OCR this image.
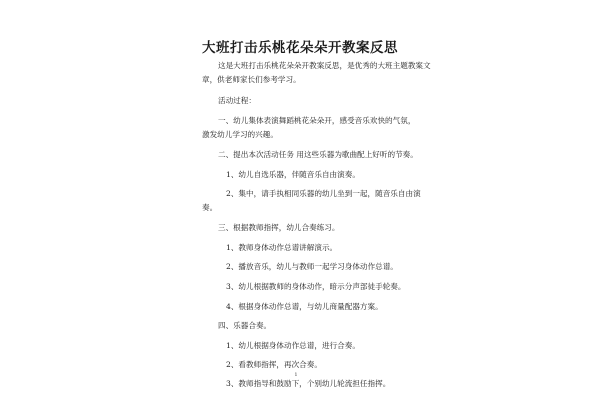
大班打击乐桃花朵朵开教案反思
这是大班打击乐桃花朵朵开教案反思，是优秀的大班主题教案文
章，供老师家长们参考学习。
活动过程：
一、幼儿集体表演舞蹈桃花朵朵开，感受音乐欢快的气氛，
激发幼儿学习的兴趣。
二、提出本次活动任务 用这些乐器为歌曲配上好听的节奏。
1、幼儿自选乐器，伴随音乐自由演奏。
2、集中，请手执相同乐器的幼儿坐到一起，随音乐自由演
奏。
三、根据教师指挥，幼儿合奏练习。
1、教师身体动作总谱讲解演示。
2、播放音乐，幼儿与教师一起学习身体动作总谱。
3、幼儿根据教师的身体动作，暗示分声部徒手轮奏。
4、根据身体动作总谱，与幼儿商量配器方案。
四、乐器合奏。
1、幼儿根据身体动作总谱，进行合奏。
2、看教师指挥，再次合奏。
3、教师指导和鼓励下，个别幼儿轮流担任指挥。
1
